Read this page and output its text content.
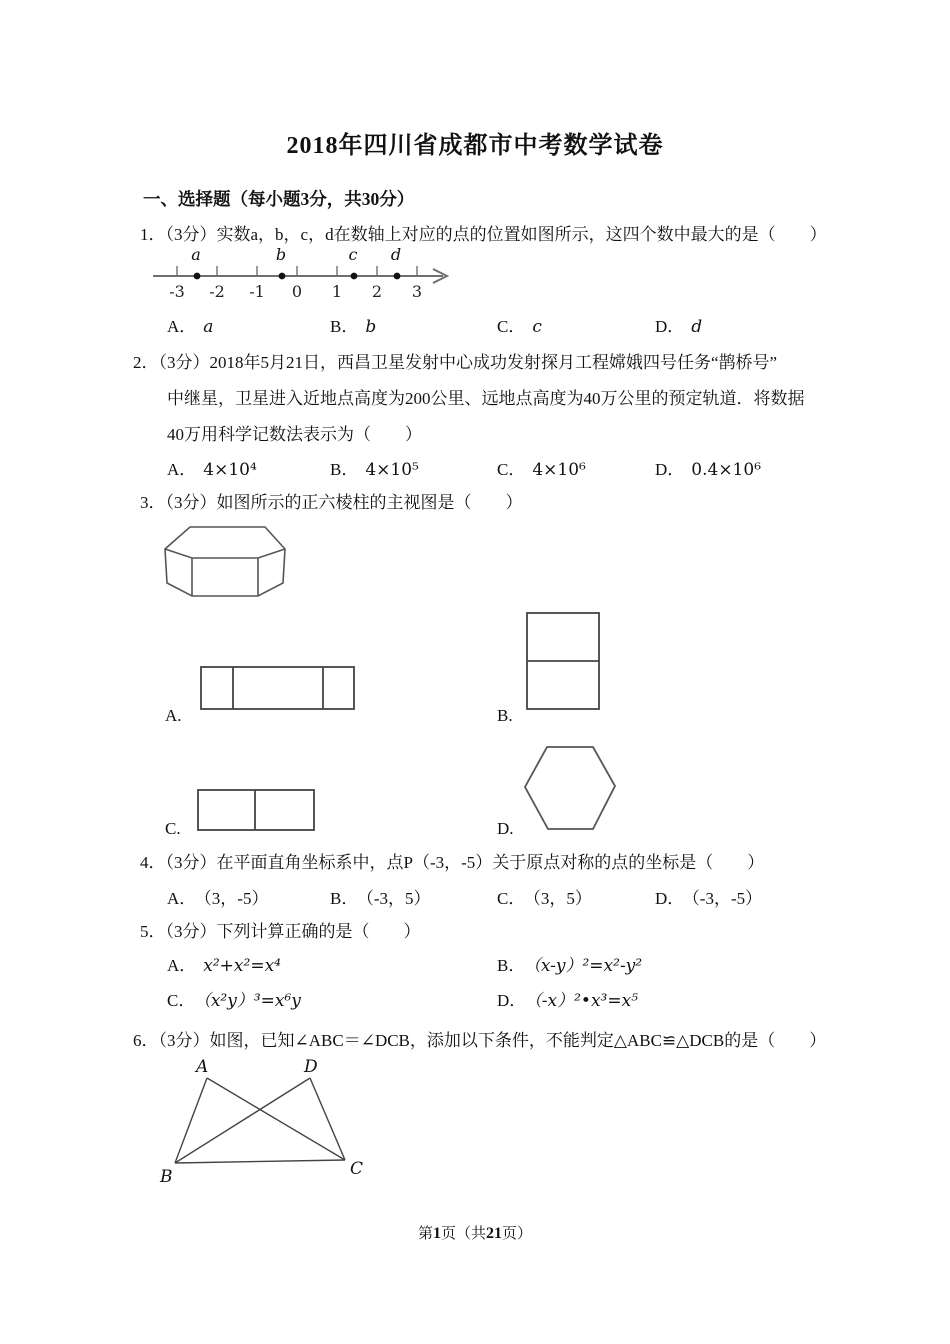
2018年四川省成都市中考数学试卷
一、选择题（每小题3分，共30分）
1．（3分）实数a，b，c，d在数轴上对应的点的位置如图所示，这四个数中最大的是（　　）
-3 -2 -1 0 1 2 3
a	b	c d
A． a	B． b	C． c	D． d
2．（3分）2018年5月21日，西昌卫星发射中心成功发射探月工程嫦娥四号任务“鹊桥号”
中继星，卫星进入近地点高度为200公里、远地点高度为40万公里的预定轨道．将数据
40万用科学记数法表示为（　　）
A． 4×10⁴	B． 4×10⁵	C． 4×10⁶	D． 0.4×10⁶
3．（3分）如图所示的正六棱柱的主视图是（　　）
A.	B.
C.	D.
4．（3分）在平面直角坐标系中，点P（-3，-5）关于原点对称的点的坐标是（　　）
A． （3，-5）	B． （-3，5）	C． （3，5）	D． （-3，-5）
5．（3分）下列计算正确的是（　　）
A． x²+x²=x⁴	B． （x-y）²=x²-y²
C． （x²y）³=x⁶y	D． （-x）²•x³=x⁵
6．（3分）如图，已知∠ABC＝∠DCB，添加以下条件，不能判定△ABC≌△DCB的是（　　）
A	D
B	C
第1页（共21页）
